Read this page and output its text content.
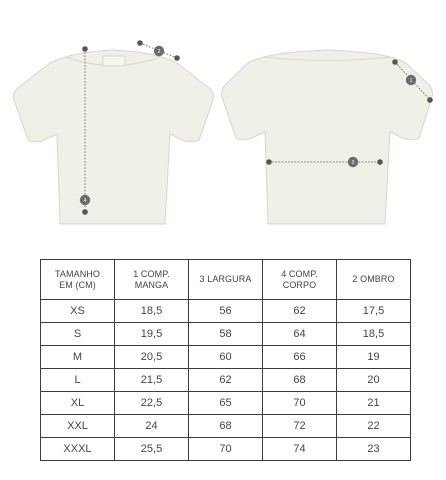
2
4
1
3
TAMANHO
EM (CM)	1 COMP.
MANGA	3 LARGURA	4 COMP.
CORPO	2 OMBRO

XS	18,5	56	62	17,5
S	19,5	58	64	18,5
M	20,5	60	66	19
L	21,5	62	68	20
XL	22,5	65	70	21
XXL	24	68	72	22
XXXL	25,5	70	74	23
